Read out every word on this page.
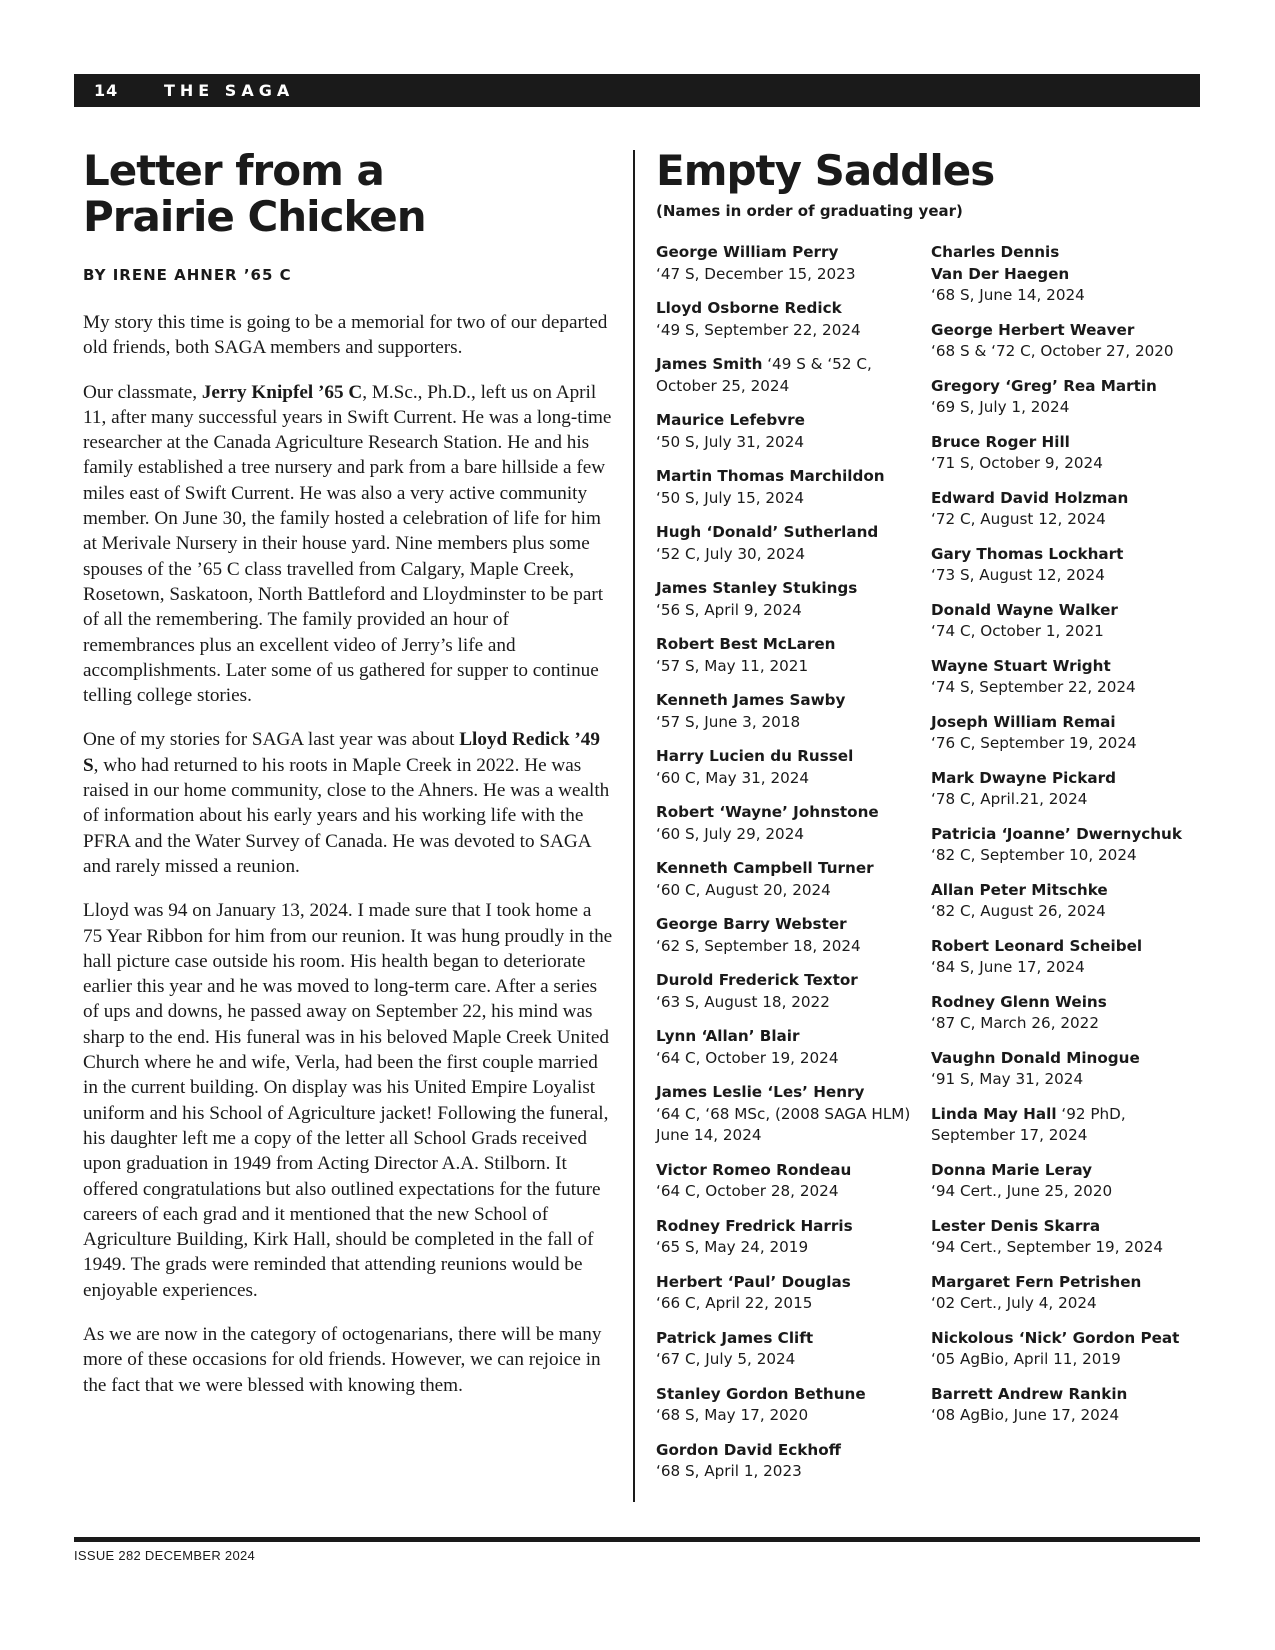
14	THE SAGA
Letter from a
Prairie Chicken
BY IRENE AHNER ’65 C

My story this time is going to be a memorial for two of our departed old friends, both SAGA members and supporters.

Our classmate, Jerry Knipfel ’65 C, M.Sc., Ph.D., left us on April 11, after many successful years in Swift Current. He was a long-time researcher at the Canada Agriculture Research Station. He and his family established a tree nursery and park from a bare hillside a few miles east of Swift Current. He was also a very active community member. On June 30, the family hosted a celebration of life for him at Merivale Nursery in their house yard. Nine members plus some spouses of the ’65 C class travelled from Calgary, Maple Creek, Rosetown, Saskatoon, North Battleford and Lloydminster to be part of all the remembering. The family provided an hour of remembrances plus an excellent video of Jerry’s life and accomplishments. Later some of us gathered for supper to continue telling college stories.

One of my stories for SAGA last year was about Lloyd Redick ’49 S, who had returned to his roots in Maple Creek in 2022. He was raised in our home community, close to the Ahners. He was a wealth of information about his early years and his working life with the PFRA and the Water Survey of Canada. He was devoted to SAGA and rarely missed a reunion.

Lloyd was 94 on January 13, 2024. I made sure that I took home a 75 Year Ribbon for him from our reunion. It was hung proudly in the hall picture case outside his room. His health began to deteriorate earlier this year and he was moved to long-term care. After a series of ups and downs, he passed away on September 22, his mind was sharp to the end. His funeral was in his beloved Maple Creek United Church where he and wife, Verla, had been the first couple married in the current building. On display was his United Empire Loyalist uniform and his School of Agriculture jacket! Following the funeral, his daughter left me a copy of the letter all School Grads received upon graduation in 1949 from Acting Director A.A. Stilborn. It offered congratulations but also outlined expectations for the future careers of each grad and it mentioned that the new School of Agriculture Building, Kirk Hall, should be completed in the fall of 1949. The grads were reminded that attending reunions would be enjoyable experiences.

As we are now in the category of octogenarians, there will be many more of these occasions for old friends. However, we can rejoice in the fact that we were blessed with knowing them.

Empty Saddles
(Names in order of graduating year)
George William Perry
‘47 S, December 15, 2023
Lloyd Osborne Redick
‘49 S, September 22, 2024
James Smith ‘49 S & ‘52 C, October 25, 2024
Maurice Lefebvre
‘50 S, July 31, 2024
Martin Thomas Marchildon
‘50 S, July 15, 2024
Hugh ‘Donald’ Sutherland
‘52 C, July 30, 2024
James Stanley Stukings
‘56 S, April 9, 2024
Robert Best McLaren
‘57 S, May 11, 2021
Kenneth James Sawby
‘57 S, June 3, 2018
Harry Lucien du Russel
‘60 C, May 31, 2024
Robert ‘Wayne’ Johnstone
‘60 S, July 29, 2024
Kenneth Campbell Turner
‘60 C, August 20, 2024
George Barry Webster
‘62 S, September 18, 2024
Durold Frederick Textor
‘63 S, August 18, 2022
Lynn ‘Allan’ Blair
‘64 C, October 19, 2024
James Leslie ‘Les’ Henry
‘64 C, ‘68 MSc, (2008 SAGA HLM) June 14, 2024
Victor Romeo Rondeau
‘64 C, October 28, 2024
Rodney Fredrick Harris
‘65 S, May 24, 2019
Herbert ‘Paul’ Douglas
‘66 C, April 22, 2015
Patrick James Clift
‘67 C, July 5, 2024
Stanley Gordon Bethune
‘68 S, May 17, 2020
Gordon David Eckhoff
‘68 S, April 1, 2023
Charles Dennis
Van Der Haegen
‘68 S, June 14, 2024
George Herbert Weaver
‘68 S & ‘72 C, October 27, 2020
Gregory ‘Greg’ Rea Martin
‘69 S, July 1, 2024
Bruce Roger Hill
‘71 S, October 9, 2024
Edward David Holzman
‘72 C, August 12, 2024
Gary Thomas Lockhart
‘73 S, August 12, 2024
Donald Wayne Walker
‘74 C, October 1, 2021
Wayne Stuart Wright
‘74 S, September 22, 2024
Joseph William Remai
‘76 C, September 19, 2024
Mark Dwayne Pickard
‘78 C, April.21, 2024
Patricia ‘Joanne’ Dwernychuk
‘82 C, September 10, 2024
Allan Peter Mitschke
‘82 C, August 26, 2024
Robert Leonard Scheibel
‘84 S, June 17, 2024
Rodney Glenn Weins
‘87 C, March 26, 2022
Vaughn Donald Minogue
‘91 S, May 31, 2024
Linda May Hall ‘92 PhD, September 17, 2024
Donna Marie Leray
‘94 Cert., June 25, 2020
Lester Denis Skarra
‘94 Cert., September 19, 2024
Margaret Fern Petrishen
‘02 Cert., July 4, 2024
Nickolous ‘Nick’ Gordon Peat
‘05 AgBio, April 11, 2019
Barrett Andrew Rankin
‘08 AgBio, June 17, 2024
ISSUE 282 DECEMBER 2024
